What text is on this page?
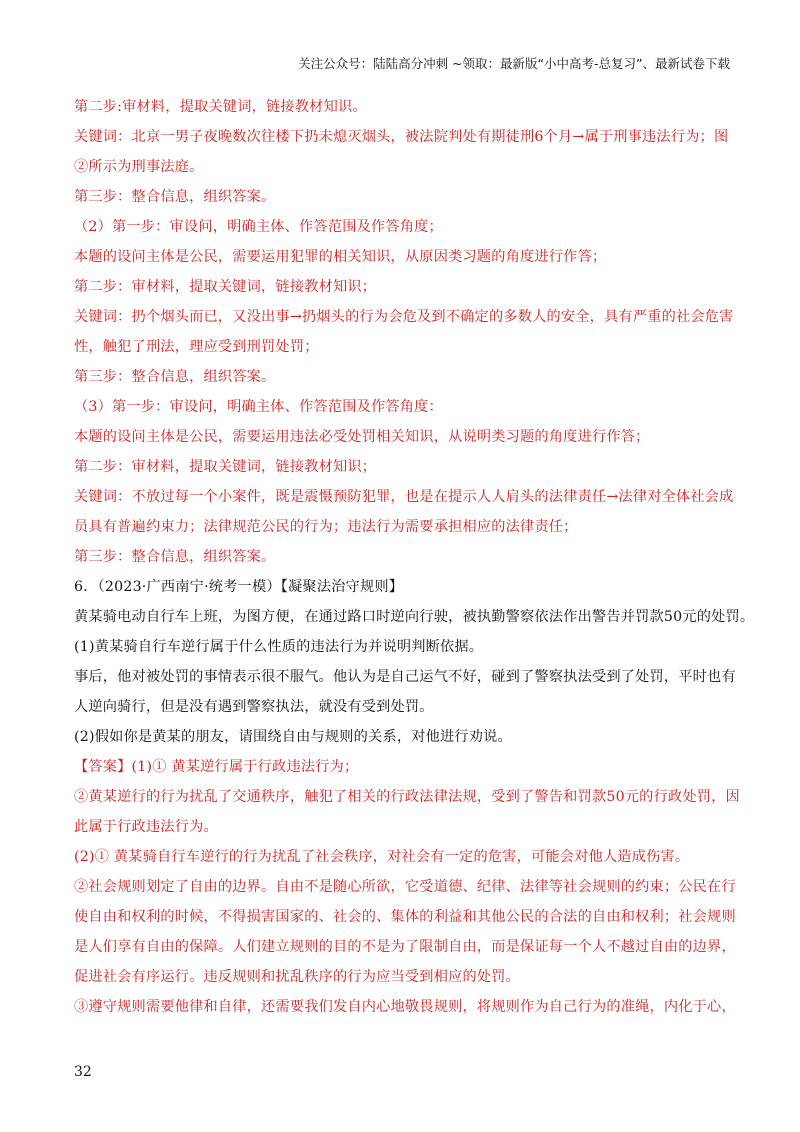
关注公众号：陆陆高分冲刺 ~领取：最新版“小中高考-总复习”、最新试卷下载
第二步:审材料，提取关键词，链接教材知识。
关键词：北京一男子夜晚数次往楼下扔未熄灭烟头，被法院判处有期徒刑6个月→属于刑事违法行为；图
②所示为刑事法庭。
第三步：整合信息，组织答案。
（2）第一步：审设问，明确主体、作答范围及作答角度；
本题的设问主体是公民，需要运用犯罪的相关知识，从原因类习题的角度进行作答；
第二步：审材料，提取关键词，链接教材知识；
关键词：扔个烟头而已，又没出事→扔烟头的行为会危及到不确定的多数人的安全，具有严重的社会危害
性，触犯了刑法，理应受到刑罚处罚；
第三步：整合信息，组织答案。
（3）第一步：审设问，明确主体、作答范围及作答角度：
本题的设问主体是公民，需要运用违法必受处罚相关知识，从说明类习题的角度进行作答；
第二步：审材料，提取关键词，链接教材知识；
关键词：不放过每一个小案件，既是震慑预防犯罪，也是在提示人人肩头的法律责任→法律对全体社会成
员具有普遍约束力；法律规范公民的行为；违法行为需要承担相应的法律责任；
第三步：整合信息，组织答案。
6．（2023·广西南宁·统考一模）【凝聚法治守规则】
黄某骑电动自行车上班，为图方便，在通过路口时逆向行驶，被执勤警察依法作出警告并罚款50元的处罚。
(1)黄某骑自行车逆行属于什么性质的违法行为并说明判断依据。
事后，他对被处罚的事情表示很不服气。他认为是自己运气不好，碰到了警察执法受到了处罚，平时也有
人逆向骑行，但是没有遇到警察执法，就没有受到处罚。
(2)假如你是黄某的朋友，请围绕自由与规则的关系，对他进行劝说。
【答案】(1)① 黄某逆行属于行政违法行为；
②黄某逆行的行为扰乱了交通秩序，触犯了相关的行政法律法规，受到了警告和罚款50元的行政处罚，因
此属于行政违法行为。
(2)① 黄某骑自行车逆行的行为扰乱了社会秩序，对社会有一定的危害，可能会对他人造成伤害。
②社会规则划定了自由的边界。自由不是随心所欲，它受道德、纪律、法律等社会规则的约束；公民在行
使自由和权利的时候，不得损害国家的、社会的、集体的利益和其他公民的合法的自由和权利；社会规则
是人们享有自由的保障。人们建立规则的目的不是为了限制自由，而是保证每一个人不越过自由的边界，
促进社会有序运行。违反规则和扰乱秩序的行为应当受到相应的处罚。
③遵守规则需要他律和自律，还需要我们发自内心地敬畏规则，将规则作为自己行为的准绳，内化于心，
32
